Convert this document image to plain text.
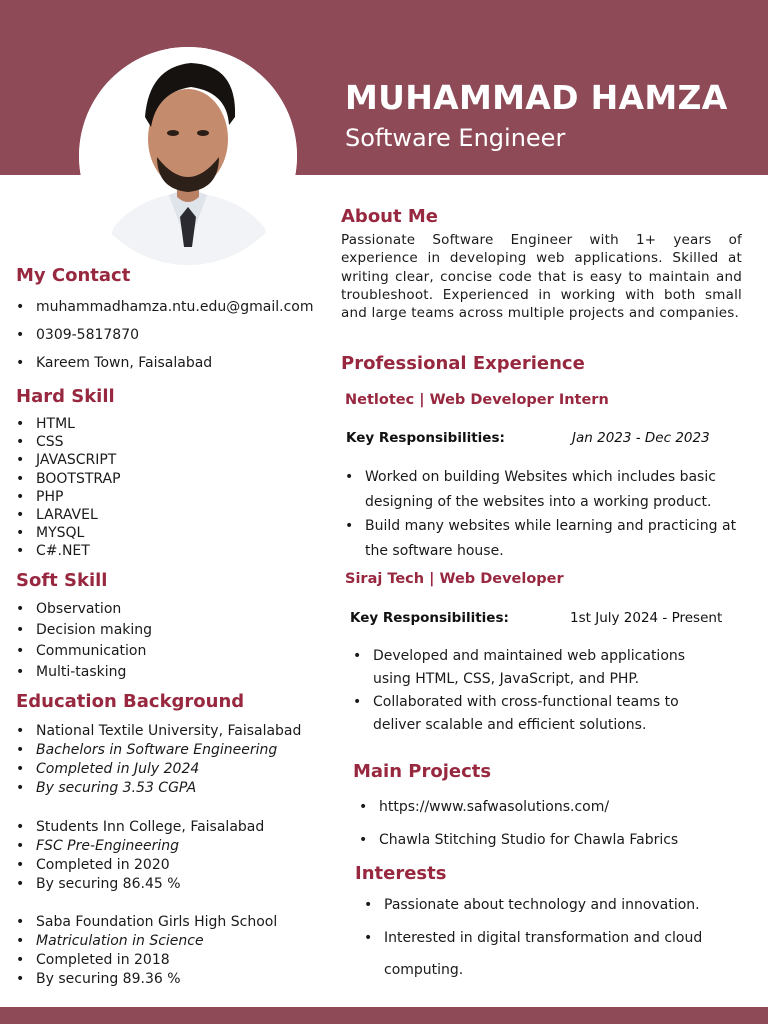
MUHAMMAD HAMZA
Software Engineer
My Contact
• muhammadhamza.ntu.edu@gmail.com
• 0309-5817870
• Kareem Town, Faisalabad
Hard Skill
• HTML
• CSS
• JAVASCRIPT
• BOOTSTRAP
• PHP
• LARAVEL
• MYSQL
• C#.NET
Soft Skill
• Observation
• Decision making
• Communication
• Multi-tasking
Education Background
• National Textile University, Faisalabad
• Bachelors in Software Engineering
• Completed in July 2024
• By securing 3.53 CGPA
• Students Inn College, Faisalabad
• FSC Pre-Engineering
• Completed in 2020
• By securing 86.45 %
• Saba Foundation Girls High School
• Matriculation in Science
• Completed in 2018
• By securing 89.36 %
About Me
Passionate Software Engineer with 1+ years of experience in developing web applications. Skilled at writing clear, concise code that is easy to maintain and troubleshoot. Experienced in working with both small and large teams across multiple projects and companies.
Professional Experience
Netlotec | Web Developer Intern
Key Responsibilities:	Jan 2023 - Dec 2023
• Worked on building Websites which includes basic designing of the websites into a working product.
• Build many websites while learning and practicing at the software house.
Siraj Tech | Web Developer
Key Responsibilities:	1st July 2024 - Present
• Developed and maintained web applications using HTML, CSS, JavaScript, and PHP.
• Collaborated with cross-functional teams to deliver scalable and efficient solutions.
Main Projects
• https://www.safwasolutions.com/
• Chawla Stitching Studio for Chawla Fabrics
Interests
• Passionate about technology and innovation.
• Interested in digital transformation and cloud computing.
